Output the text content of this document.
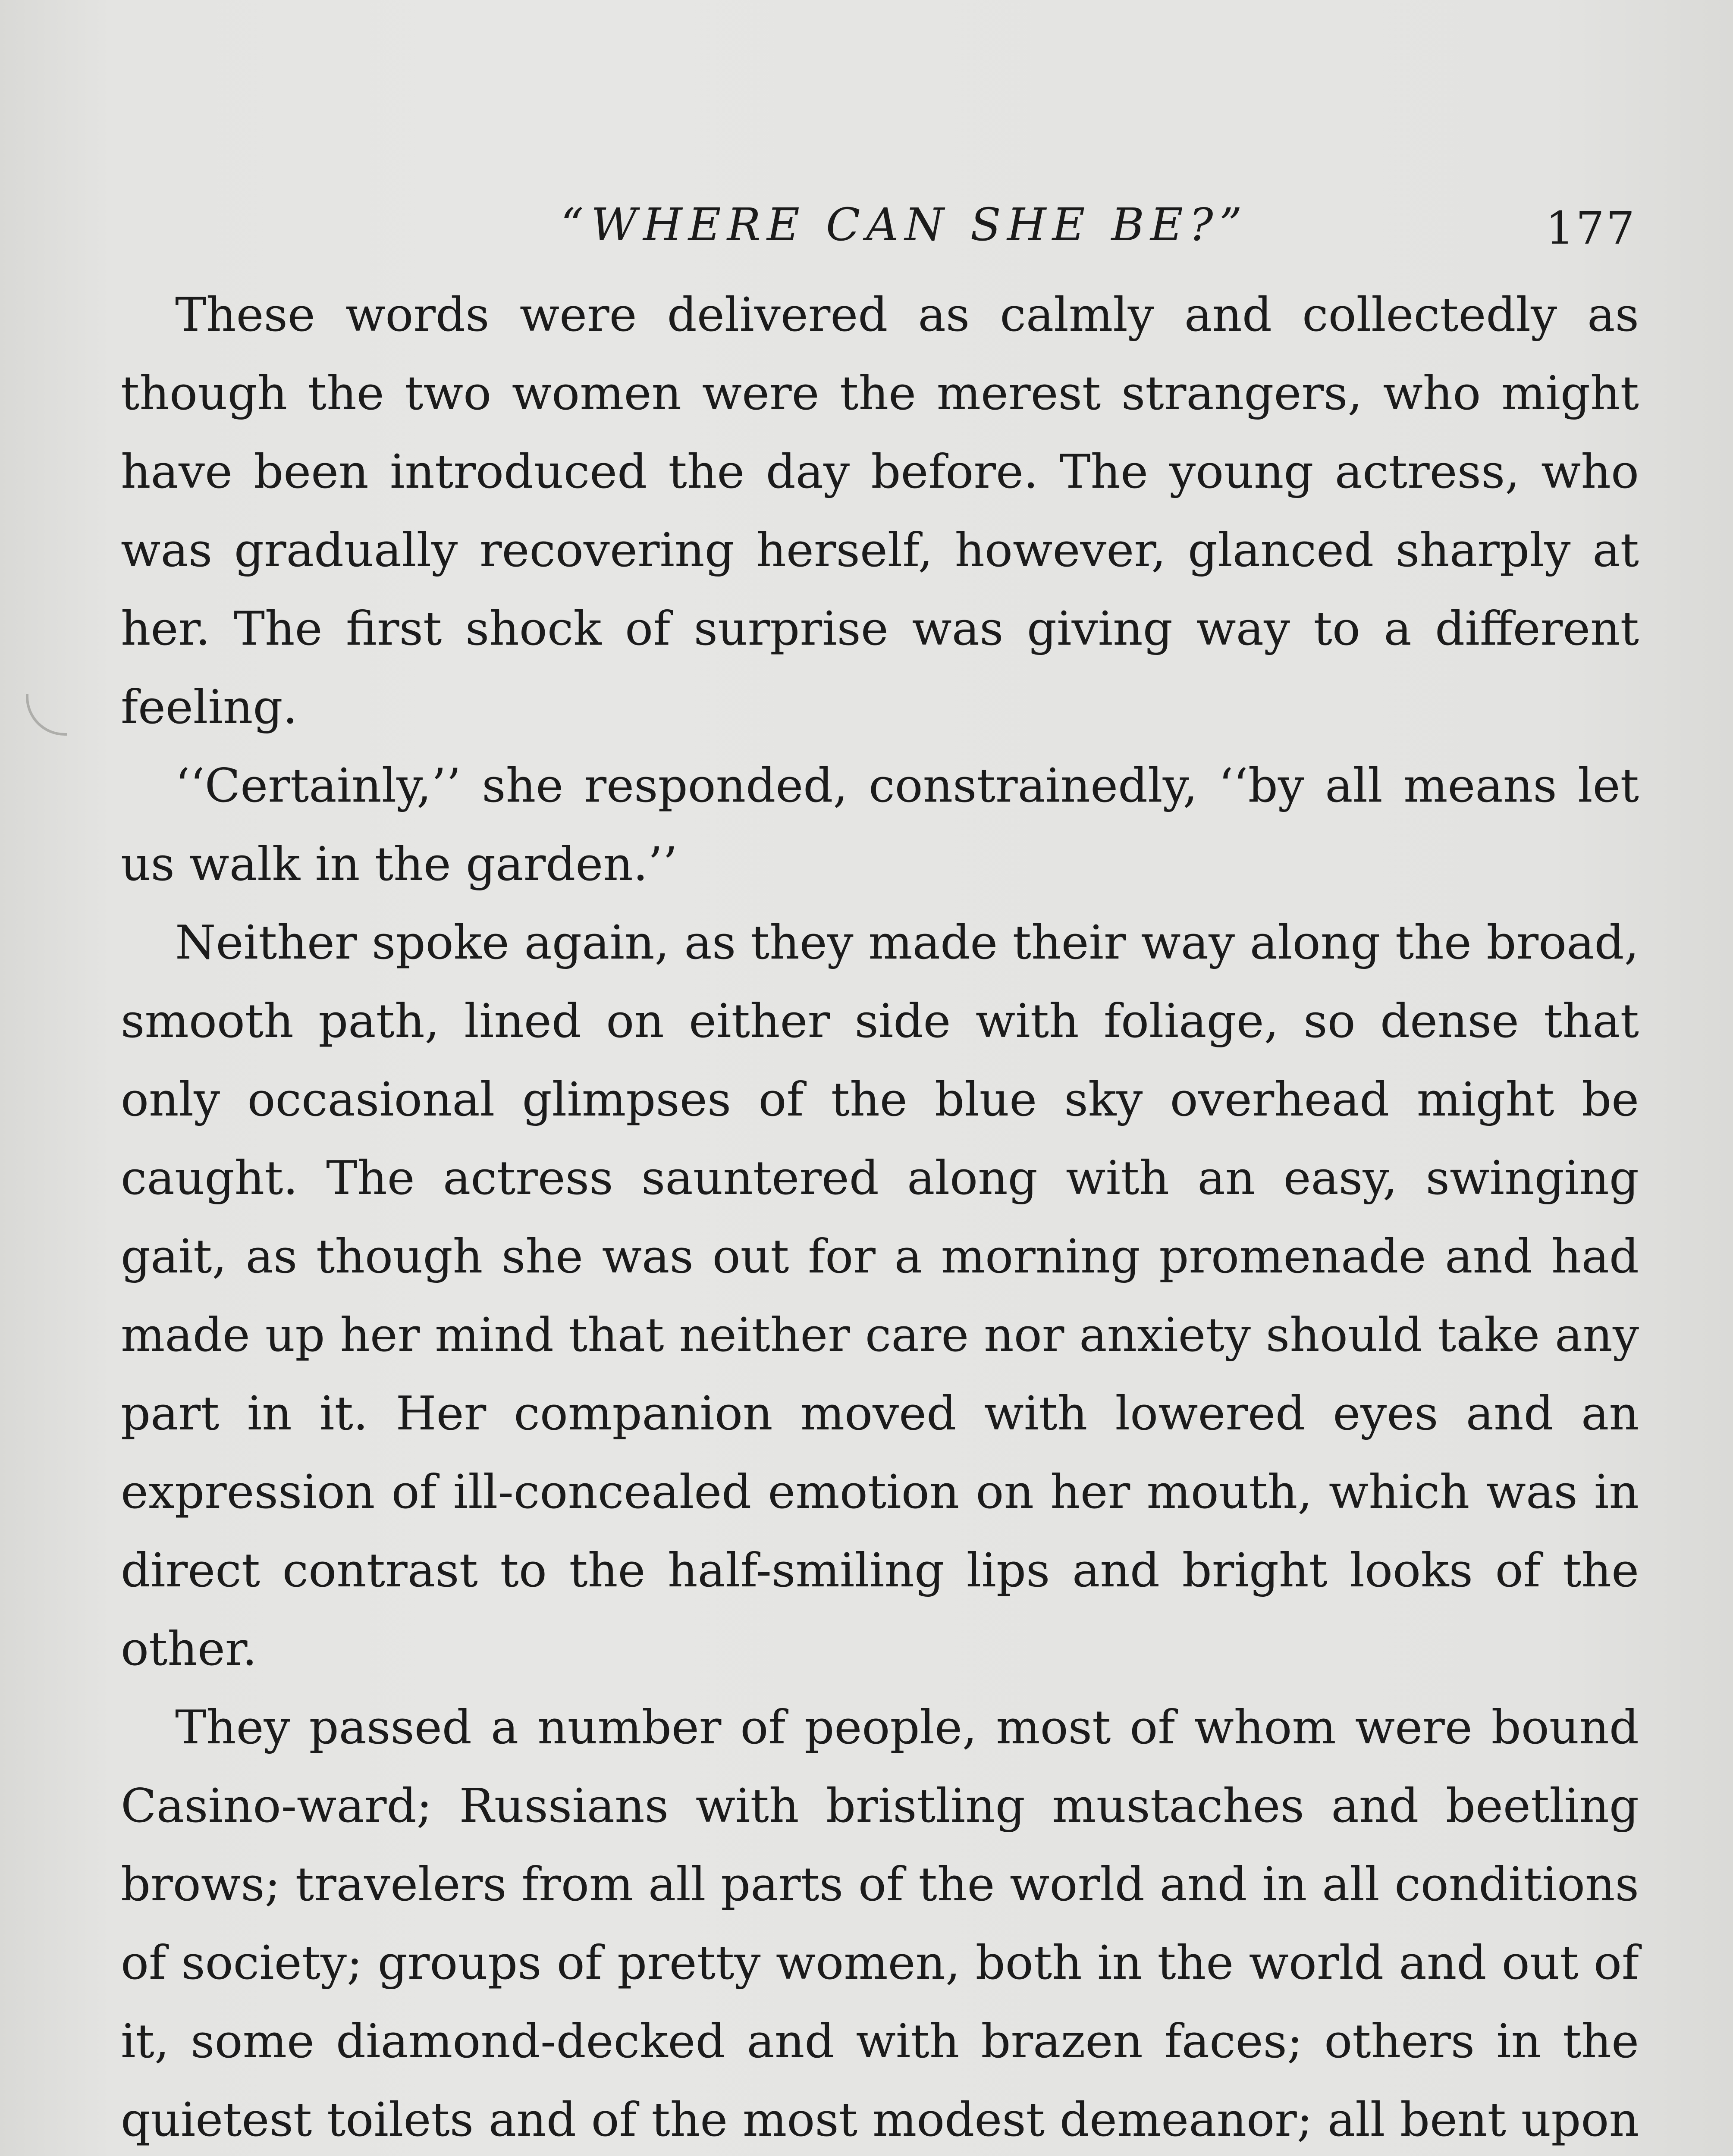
“WHERE CAN SHE BE?”	177

These words were delivered as calmly and collectedly as though the two women were the merest strangers, who might have been introduced the day before. The young actress, who was gradually recovering herself, however, glanced sharply at her. The first shock of surprise was giving way to a different feeling.

‘‘Certainly,’’ she responded, constrainedly, ‘‘by all means let us walk in the garden.’’

Neither spoke again, as they made their way along the broad, smooth path, lined on either side with foliage, so dense that only occasional glimpses of the blue sky overhead might be caught. The actress sauntered along with an easy, swinging gait, as though she was out for a morning promenade and had made up her mind that neither care nor anxiety should take any part in it. Her companion moved with lowered eyes and an expression of ill-concealed emotion on her mouth, which was in direct contrast to the half-smiling lips and bright looks of the other.

They passed a number of people, most of whom were bound Casino-ward; Russians with bristling mustaches and beetling brows; travelers from all parts of the world and in all conditions of society; groups of pretty women, both in the world and out of it, some diamond-decked and with brazen faces; others in the quietest toilets and of the most modest demeanor; all bent upon
